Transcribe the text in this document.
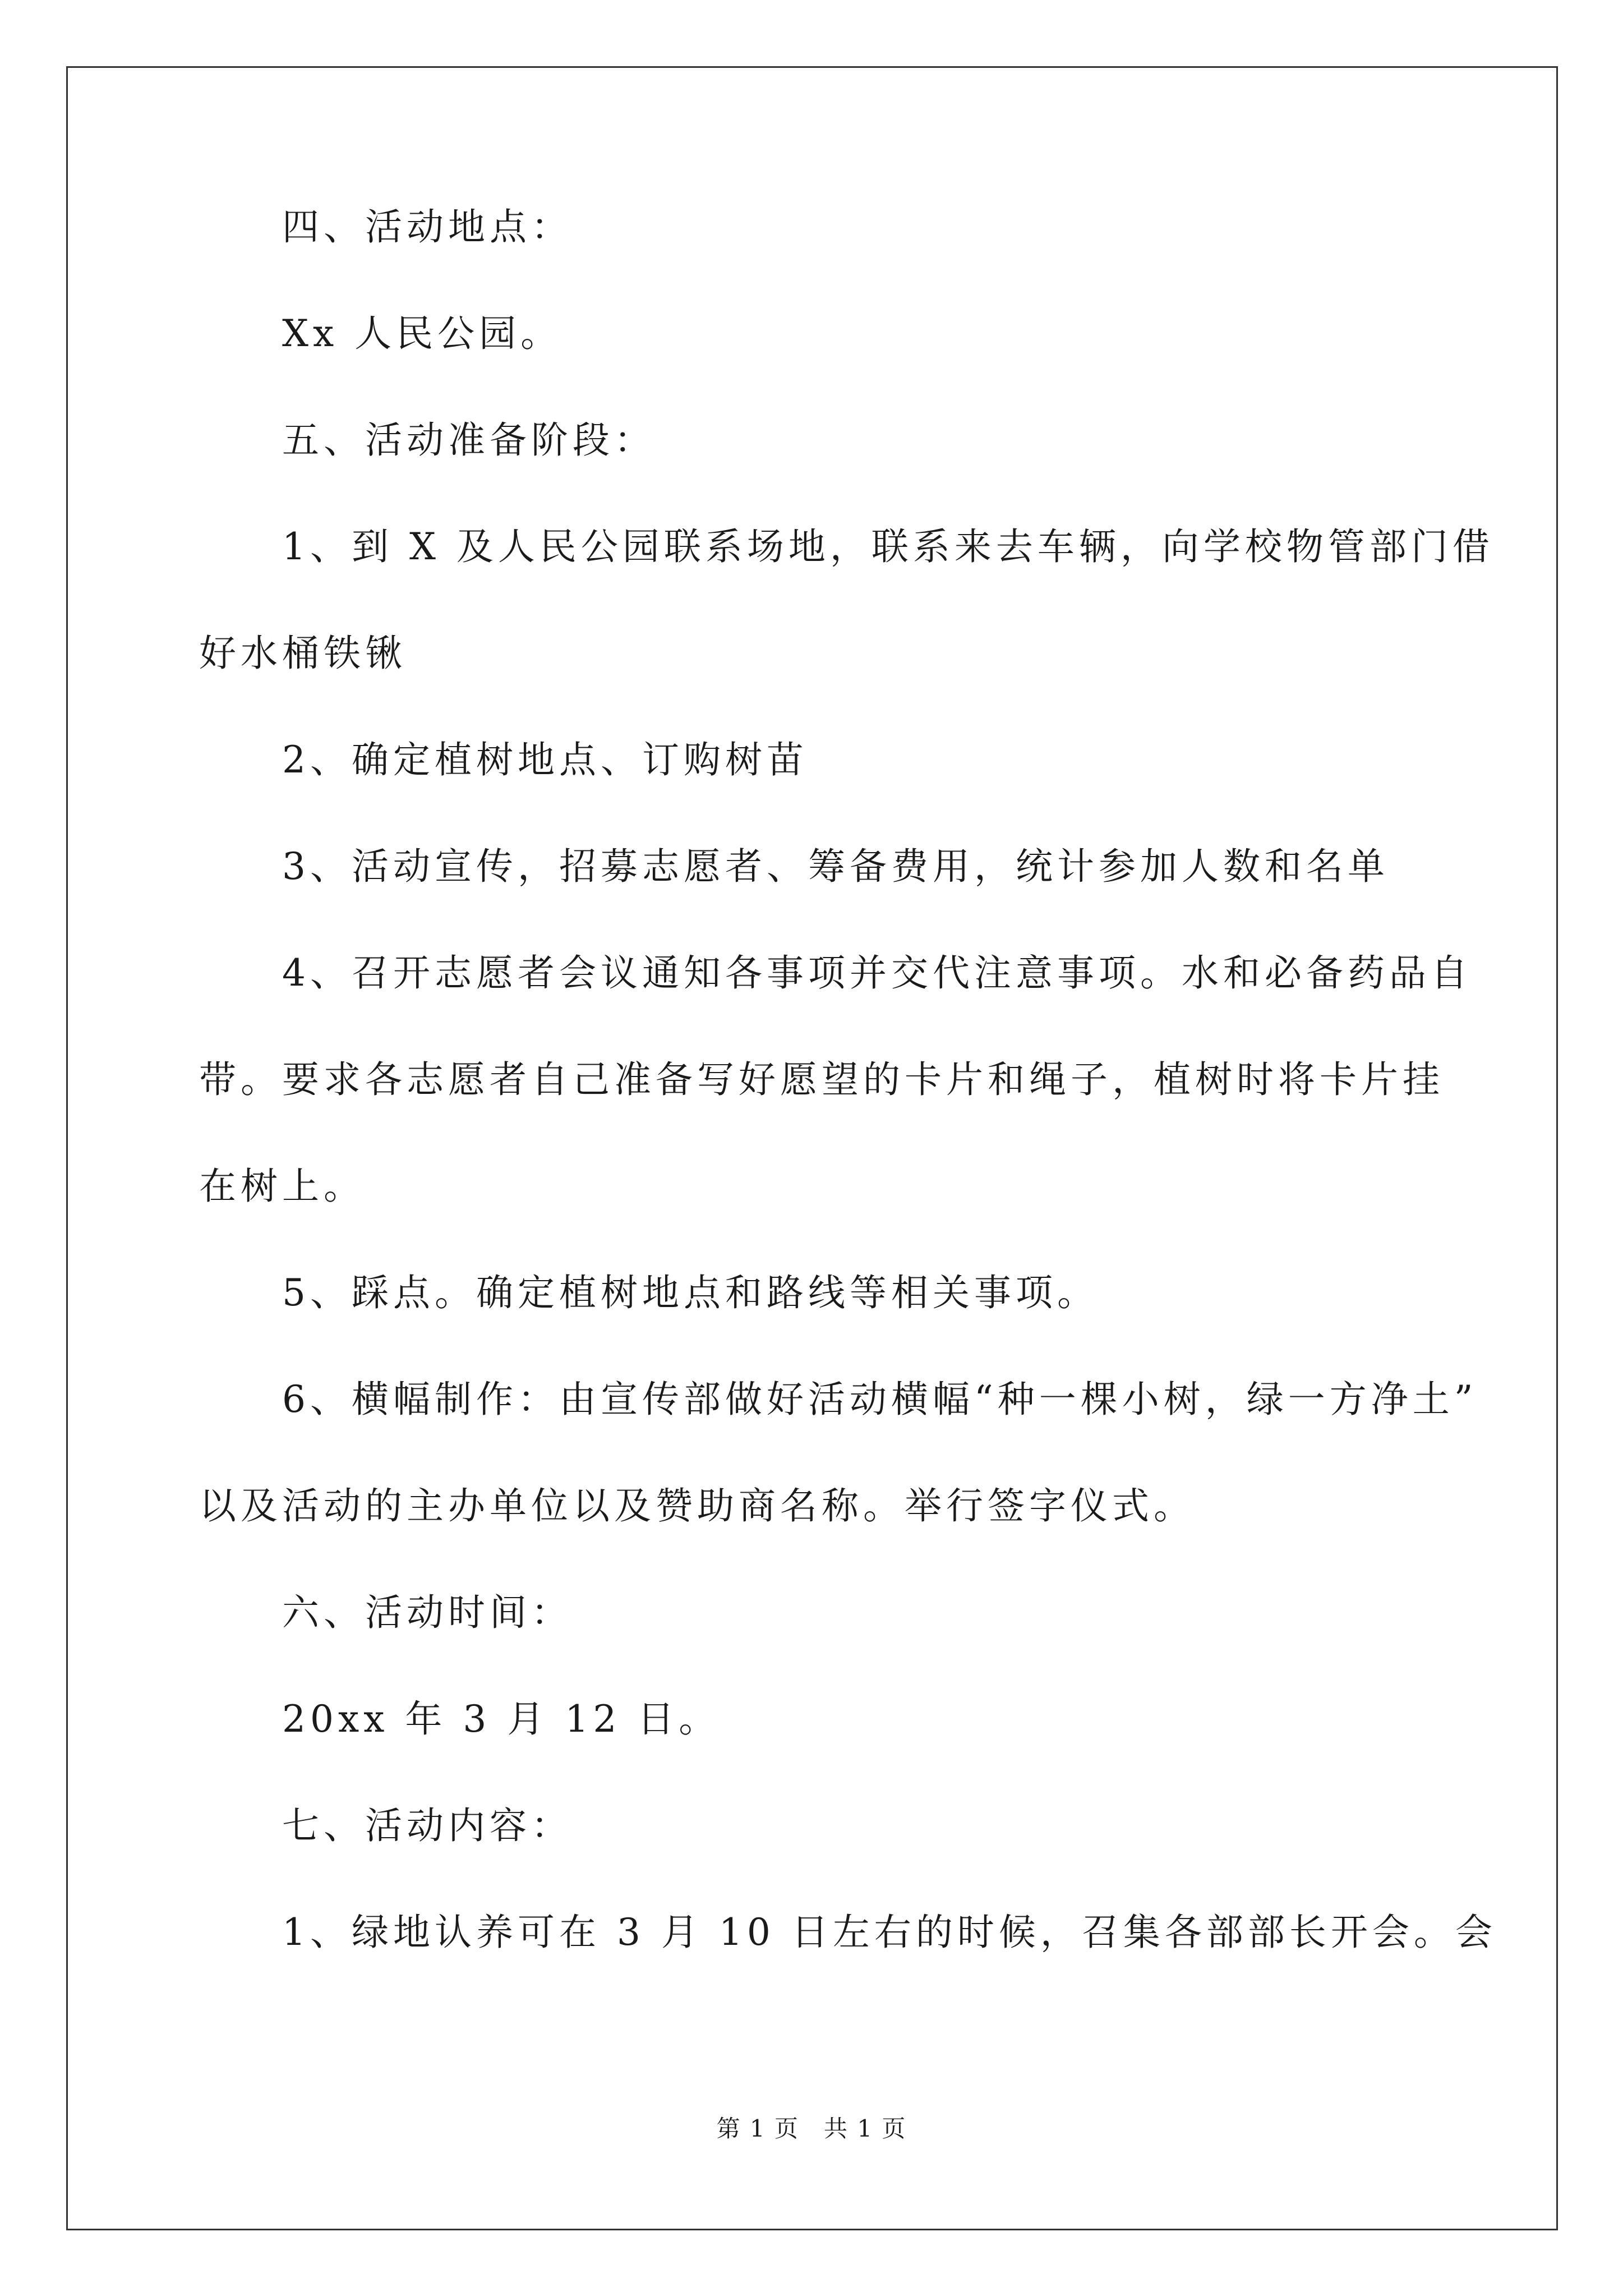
四、活动地点：
Xx 人民公园。
五、活动准备阶段：
1、到 X 及人民公园联系场地，联系来去车辆，向学校物管部门借
好水桶铁锹
2、确定植树地点、订购树苗
3、活动宣传，招募志愿者、筹备费用，统计参加人数和名单
4、召开志愿者会议通知各事项并交代注意事项。水和必备药品自
带。要求各志愿者自己准备写好愿望的卡片和绳子，植树时将卡片挂
在树上。
5、踩点。确定植树地点和路线等相关事项。
6、横幅制作：由宣传部做好活动横幅“种一棵小树，绿一方净土”
以及活动的主办单位以及赞助商名称。举行签字仪式。
六、活动时间：
20xx 年 3 月 12 日。
七、活动内容：
1、绿地认养可在 3 月 10 日左右的时候，召集各部部长开会。会
第 1 页　共 1 页
